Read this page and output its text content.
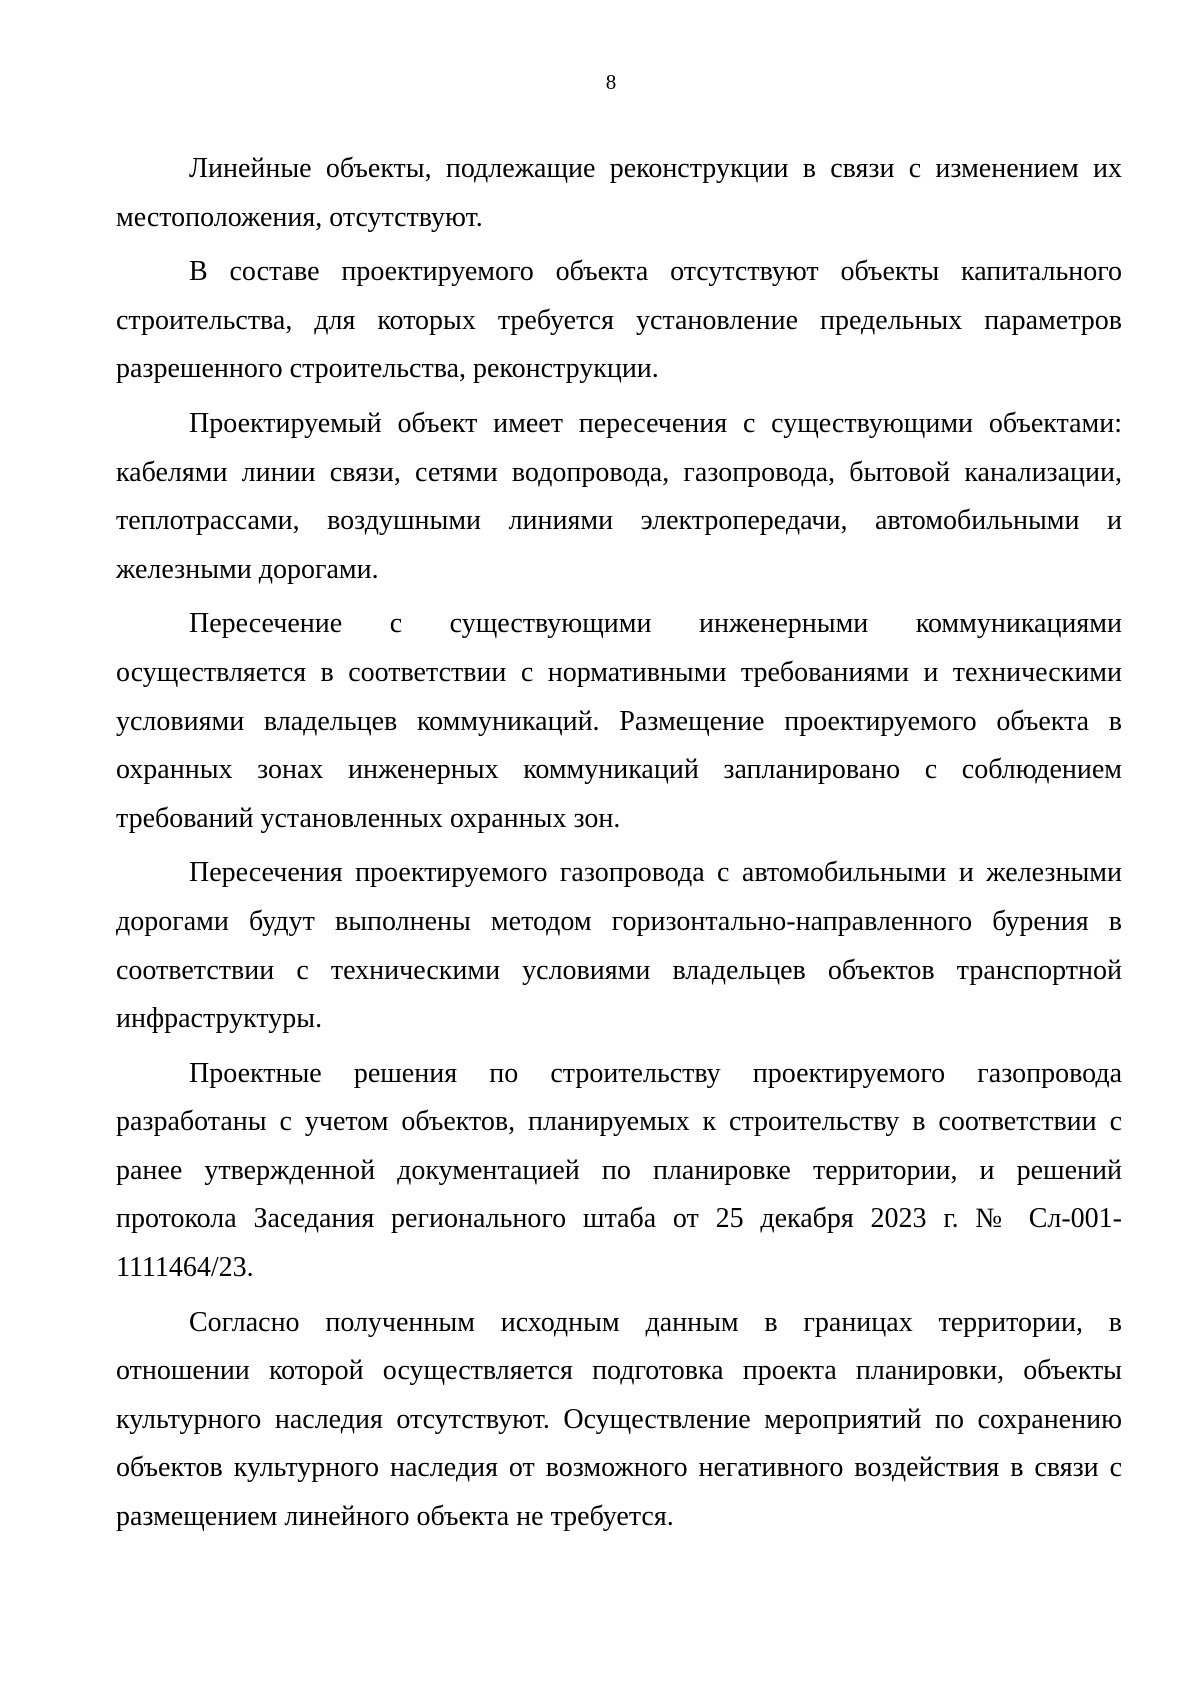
8

Линейные объекты, подлежащие реконструкции в связи с изменением их местоположения, отсутствуют.

В составе проектируемого объекта отсутствуют объекты капитального строительства, для которых требуется установление предельных параметров разрешенного строительства, реконструкции.

Проектируемый объект имеет пересечения с существующими объектами: кабелями линии связи, сетями водопровода, газопровода, бытовой канализации, теплотрассами, воздушными линиями электропередачи, автомобильными и железными дорогами.

Пересечение с существующими инженерными коммуникациями осуществляется в соответствии с нормативными требованиями и техническими условиями владельцев коммуникаций. Размещение проектируемого объекта в охранных зонах инженерных коммуникаций запланировано с соблюдением требований установленных охранных зон.

Пересечения проектируемого газопровода с автомобильными и железными дорогами будут выполнены методом горизонтально-направленного бурения в соответствии с техническими условиями владельцев объектов транспортной инфраструктуры.

Проектные решения по строительству проектируемого газопровода разработаны с учетом объектов, планируемых к строительству в соответствии с ранее утвержденной документацией по планировке территории, и решений протокола Заседания регионального штаба от 25 декабря 2023 г. № Сл-001-1111464/23.

Согласно полученным исходным данным в границах территории, в отношении которой осуществляется подготовка проекта планировки, объекты культурного наследия отсутствуют. Осуществление мероприятий по сохранению объектов культурного наследия от возможного негативного воздействия в связи с размещением линейного объекта не требуется.
